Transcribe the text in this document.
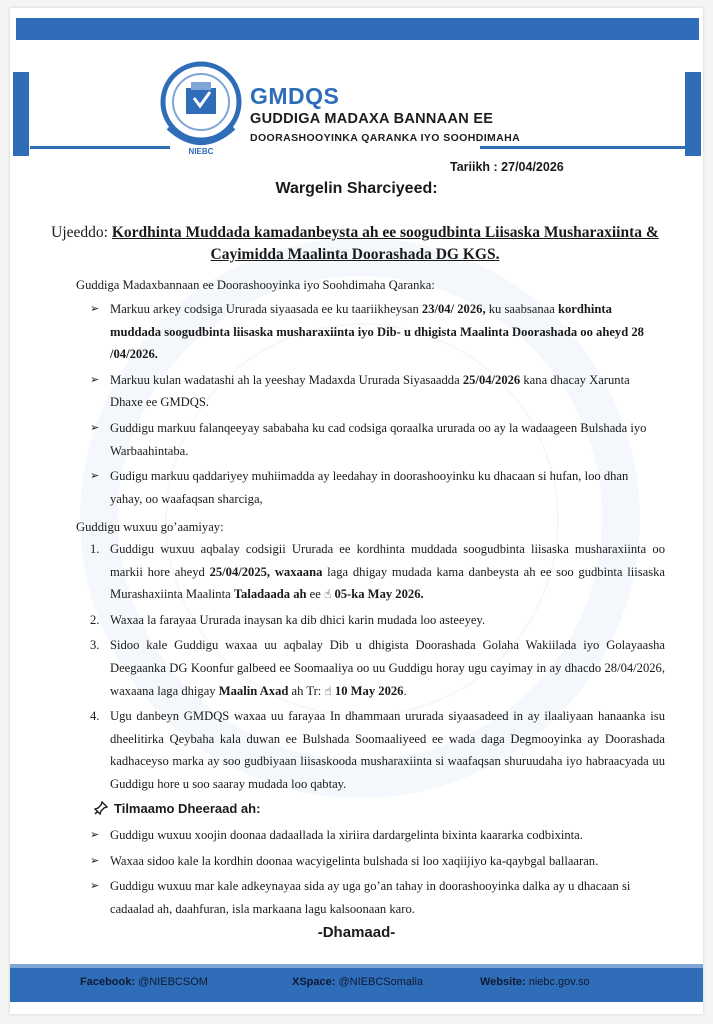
NIEBC
GMDQS
GUDDIGA MADAXA BANNAAN EE
DOORASHOOYINKA QARANKA IYO SOOHDIMAHA
Tariikh : 27/04/2026
Wargelin Sharciyeed:
Ujeeddo: Kordhinta Muddada kamadanbeysta ah ee soogudbinta Liisaska Musharaxiinta & Cayimidda Maalinta Doorashada DG KGS.
Guddiga Madaxbannaan ee Doorashooyinka iyo Soohdimaha Qaranka:
➢ Markuu arkey codsiga Ururada siyaasada ee ku taariikheysan 23/04/ 2026, ku saabsanaa kordhinta muddada soogudbinta liisaska musharaxiinta iyo Dib- u dhigista Maalinta Doorashada oo aheyd 28 /04/2026.
➢ Markuu kulan wadatashi ah la yeeshay Madaxda Ururada Siyasaadda 25/04/2026 kana dhacay Xarunta Dhaxe ee GMDQS.
➢ Guddigu markuu falanqeeyay sababaha ku cad codsiga qoraalka ururada oo ay la wadaageen Bulshada iyo Warbaahintaba.
➢ Gudigu markuu qaddariyey muhiimadda ay leedahay in doorashooyinku ku dhacaan si hufan, loo dhan yahay, oo waafaqsan sharciga,
Guddigu wuxuu go’aamiyay:
1. Guddigu wuxuu aqbalay codsigii Ururada ee kordhinta muddada soogudbinta liisaska musharaxiinta oo markii hore aheyd 25/04/2025, waxaana laga dhigay mudada kama danbeysta ah ee soo gudbinta liisaska Murashaxiinta Maalinta Taladaada ah ee ☝ 05-ka May 2026.
2. Waxaa la farayaa Ururada inaysan ka dib dhici karin mudada loo asteeyey.
3. Sidoo kale Guddigu waxaa uu aqbalay Dib u dhigista Doorashada Golaha Wakiilada iyo Golayaasha Deegaanka DG Koonfur galbeed ee Soomaaliya oo uu Guddigu horay ugu cayimay in ay dhacdo 28/04/2026, waxaana laga dhigay Maalin Axad ah Tr: ☝ 10 May 2026.
4. Ugu danbeyn GMDQS waxaa uu farayaa In dhammaan ururada siyaasadeed in ay ilaaliyaan hanaanka isu dheelitirka Qeybaha kala duwan ee Bulshada Soomaaliyeed ee wada daga Degmooyinka ay Doorashada kadhaceyso marka ay soo gudbiyaan liisaskooda musharaxiinta si waafaqsan shuruudaha iyo habraacyada uu Guddigu hore u soo saaray mudada loo qabtay.
Tilmaamo Dheeraad ah:
➢ Guddigu wuxuu xoojin doonaa dadaallada la xiriira dardargelinta bixinta kaararka codbixinta.
➢ Waxaa sidoo kale la kordhin doonaa wacyigelinta bulshada si loo xaqiijiyo ka-qaybgal ballaaran.
➢ Guddigu wuxuu mar kale adkeynayaa sida ay uga go’an tahay in doorashooyinka dalka ay u dhacaan si cadaalad ah, daahfuran, isla markaana lagu kalsoonaan karo.
-Dhamaad-
Facebook: @NIEBCSOM	XSpace: @NIEBCSomalia	Website: niebc.gov.so
